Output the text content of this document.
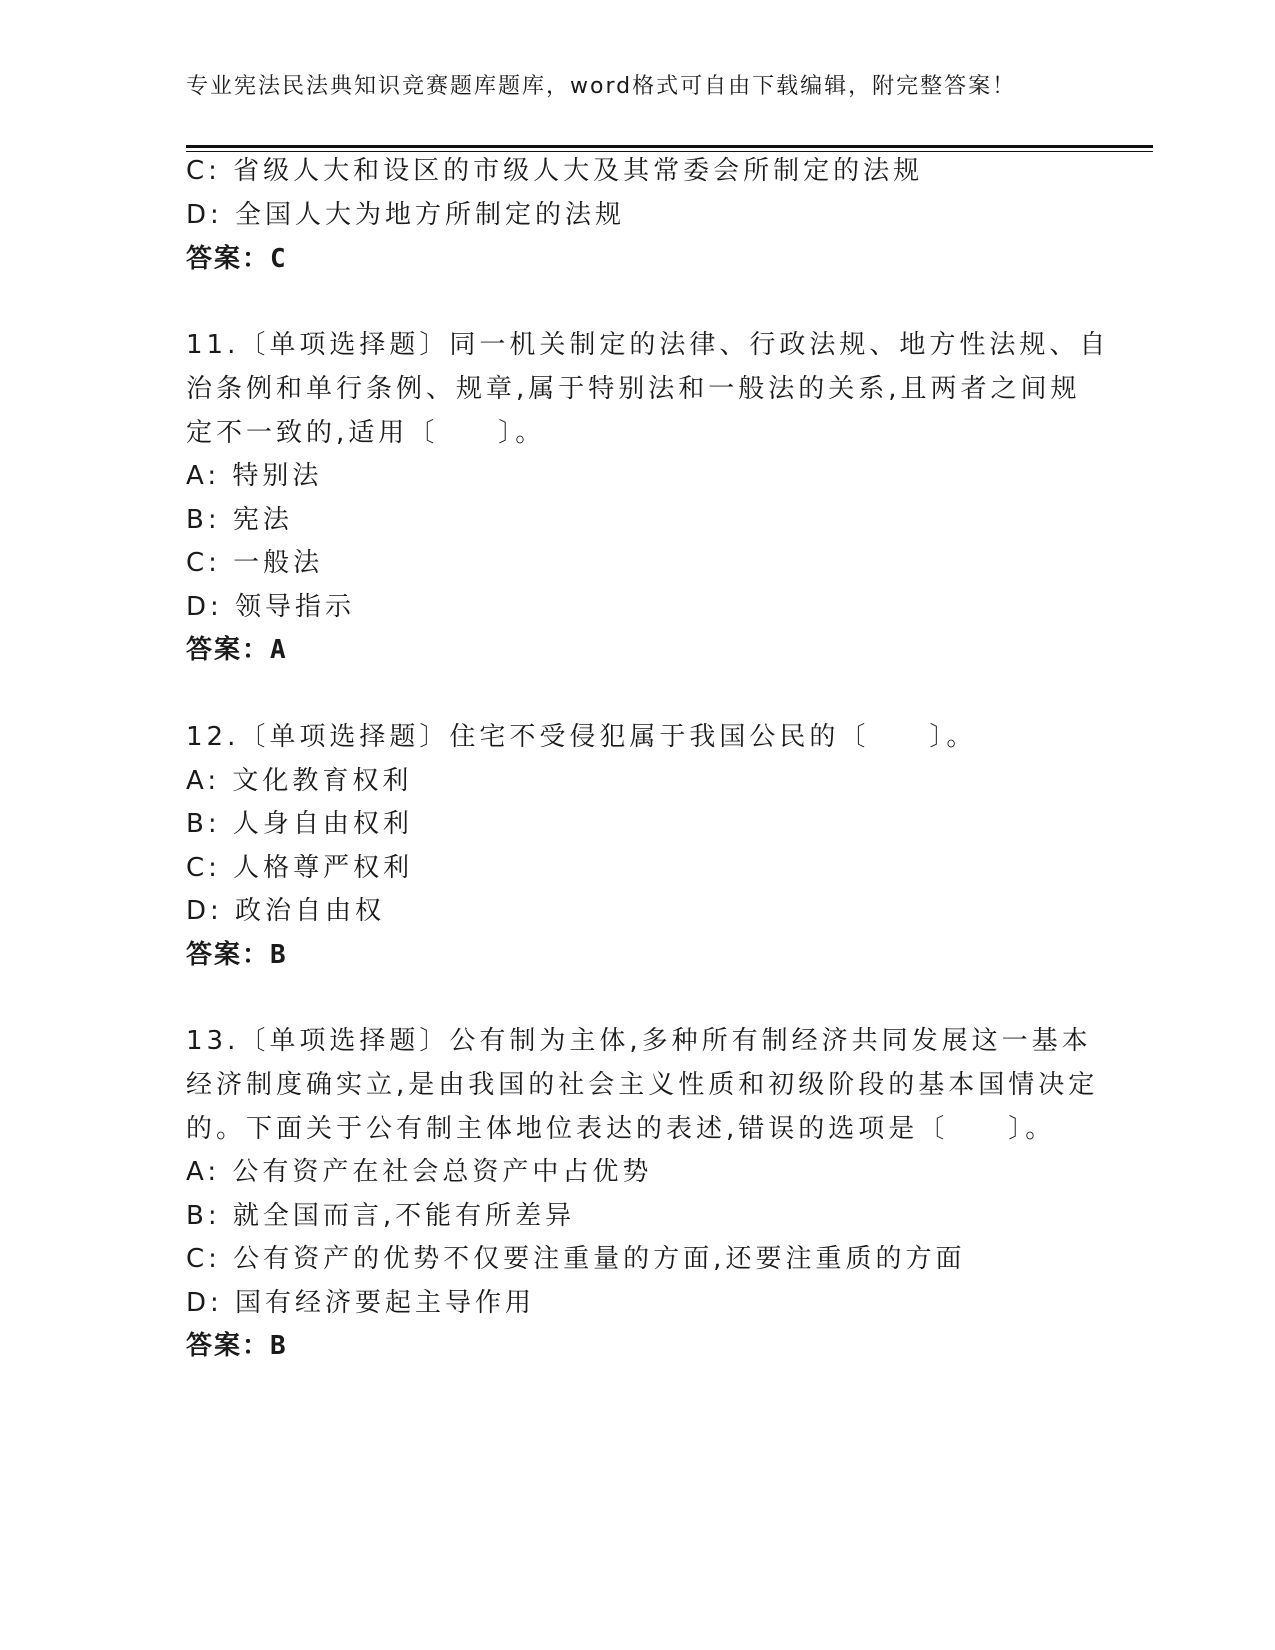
专业宪法民法典知识竞赛题库题库，word格式可自由下载编辑，附完整答案！
C: 省级人大和设区的市级人大及其常委会所制定的法规
D: 全国人大为地方所制定的法规
答案：C
11.〔单项选择题〕同一机关制定的法律、行政法规、地方性法规、自
治条例和单行条例、规章,属于特别法和一般法的关系,且两者之间规
定不一致的,适用〔　　〕。
A: 特别法
B: 宪法
C: 一般法
D: 领导指示
答案：A
12.〔单项选择题〕住宅不受侵犯属于我国公民的〔　　〕。
A: 文化教育权利
B: 人身自由权利
C: 人格尊严权利
D: 政治自由权
答案：B
13.〔单项选择题〕公有制为主体,多种所有制经济共同发展这一基本
经济制度确实立,是由我国的社会主义性质和初级阶段的基本国情决定
的。下面关于公有制主体地位表达的表述,错误的选项是〔　　〕。
A: 公有资产在社会总资产中占优势
B: 就全国而言,不能有所差异
C: 公有资产的优势不仅要注重量的方面,还要注重质的方面
D: 国有经济要起主导作用
答案：B
